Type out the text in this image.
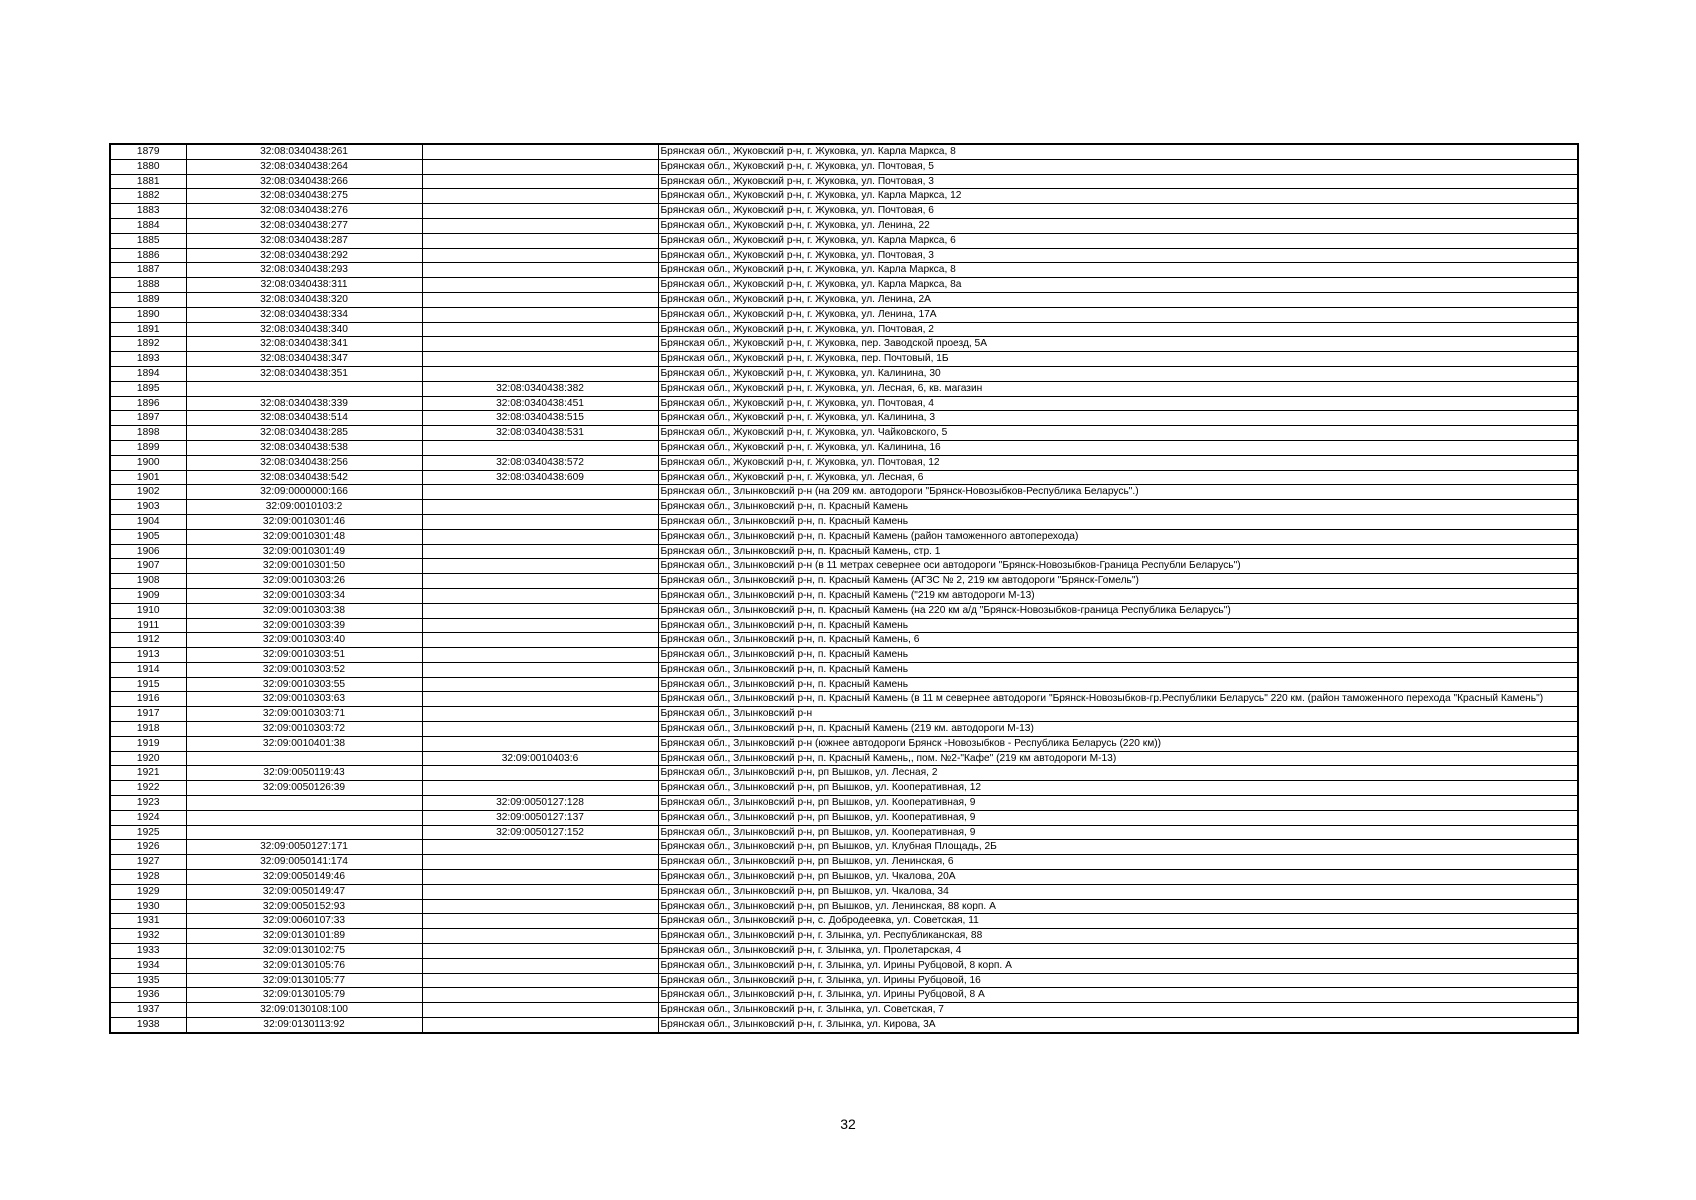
1879	32:08:0340438:261		Брянская обл., Жуковский р-н, г. Жуковка, ул. Карла Маркса, 8
1880	32:08:0340438:264		Брянская обл., Жуковский р-н, г. Жуковка, ул. Почтовая, 5
1881	32:08:0340438:266		Брянская обл., Жуковский р-н, г. Жуковка, ул. Почтовая, 3
1882	32:08:0340438:275		Брянская обл., Жуковский р-н, г. Жуковка, ул. Карла Маркса, 12
1883	32:08:0340438:276		Брянская обл., Жуковский р-н, г. Жуковка, ул. Почтовая, 6
1884	32:08:0340438:277		Брянская обл., Жуковский р-н, г. Жуковка, ул. Ленина, 22
1885	32:08:0340438:287		Брянская обл., Жуковский р-н, г. Жуковка, ул. Карла Маркса, 6
1886	32:08:0340438:292		Брянская обл., Жуковский р-н, г. Жуковка, ул. Почтовая, 3
1887	32:08:0340438:293		Брянская обл., Жуковский р-н, г. Жуковка, ул. Карла Маркса, 8
1888	32:08:0340438:311		Брянская обл., Жуковский р-н, г. Жуковка, ул. Карла Маркса, 8а
1889	32:08:0340438:320		Брянская обл., Жуковский р-н, г. Жуковка, ул. Ленина, 2А
1890	32:08:0340438:334		Брянская обл., Жуковский р-н, г. Жуковка, ул. Ленина, 17А
1891	32:08:0340438:340		Брянская обл., Жуковский р-н, г. Жуковка, ул. Почтовая, 2
1892	32:08:0340438:341		Брянская обл., Жуковский р-н, г. Жуковка, пер. Заводской проезд, 5А
1893	32:08:0340438:347		Брянская обл., Жуковский р-н, г. Жуковка, пер. Почтовый, 1Б
1894	32:08:0340438:351		Брянская обл., Жуковский р-н, г. Жуковка, ул. Калинина, 30
1895		32:08:0340438:382	Брянская обл., Жуковский р-н, г. Жуковка, ул. Лесная, 6, кв. магазин
1896	32:08:0340438:339	32:08:0340438:451	Брянская обл., Жуковский р-н, г. Жуковка, ул. Почтовая, 4
1897	32:08:0340438:514	32:08:0340438:515	Брянская обл., Жуковский р-н, г. Жуковка, ул. Калинина, 3
1898	32:08:0340438:285	32:08:0340438:531	Брянская обл., Жуковский р-н, г. Жуковка, ул. Чайковского, 5
1899	32:08:0340438:538		Брянская обл., Жуковский р-н, г. Жуковка, ул. Калинина, 16
1900	32:08:0340438:256	32:08:0340438:572	Брянская обл., Жуковский р-н, г. Жуковка, ул. Почтовая, 12
1901	32:08:0340438:542	32:08:0340438:609	Брянская обл., Жуковский р-н, г. Жуковка, ул. Лесная, 6
1902	32:09:0000000:166		Брянская обл., Злынковский р-н (на 209 км. автодороги "Брянск-Новозыбков-Республика Беларусь".)
1903	32:09:0010103:2		Брянская обл., Злынковский р-н, п. Красный Камень
1904	32:09:0010301:46		Брянская обл., Злынковский р-н, п. Красный Камень
1905	32:09:0010301:48		Брянская обл., Злынковский р-н, п. Красный Камень (район таможенного автоперехода)
1906	32:09:0010301:49		Брянская обл., Злынковский р-н, п. Красный Камень, стр. 1
1907	32:09:0010301:50		Брянская обл., Злынковский р-н (в 11 метрах севернее оси автодороги "Брянск-Новозыбков-Граница Республи Беларусь")
1908	32:09:0010303:26		Брянская обл., Злынковский р-н, п. Красный Камень (АГЗС № 2, 219 км автодороги "Брянск-Гомель")
1909	32:09:0010303:34		Брянская обл., Злынковский р-н, п. Красный Камень ("219 км автодороги М-13)
1910	32:09:0010303:38		Брянская обл., Злынковский р-н, п. Красный Камень (на 220 км а/д "Брянск-Новозыбков-граница Республика Беларусь")
1911	32:09:0010303:39		Брянская обл., Злынковский р-н, п. Красный Камень
1912	32:09:0010303:40		Брянская обл., Злынковский р-н, п. Красный Камень, 6
1913	32:09:0010303:51		Брянская обл., Злынковский р-н, п. Красный Камень
1914	32:09:0010303:52		Брянская обл., Злынковский р-н, п. Красный Камень
1915	32:09:0010303:55		Брянская обл., Злынковский р-н, п. Красный Камень
1916	32:09:0010303:63		Брянская обл., Злынковский р-н, п. Красный Камень (в 11 м севернее автодороги "Брянск-Новозыбков-гр.Республики Беларусь" 220 км. (район таможенного перехода "Красный Камень")
1917	32:09:0010303:71		Брянская обл., Злынковский р-н
1918	32:09:0010303:72		Брянская обл., Злынковский р-н, п. Красный Камень (219 км. автодороги М-13)
1919	32:09:0010401:38		Брянская обл., Злынковский р-н (южнее автодороги Брянск -Новозыбков - Республика Беларусь (220 км))
1920		32:09:0010403:6	Брянская обл., Злынковский р-н, п. Красный Камень,, пом. №2-"Кафе" (219 км автодороги М-13)
1921	32:09:0050119:43		Брянская обл., Злынковский р-н, рп Вышков, ул. Лесная, 2
1922	32:09:0050126:39		Брянская обл., Злынковский р-н, рп Вышков, ул. Кооперативная, 12
1923		32:09:0050127:128	Брянская обл., Злынковский р-н, рп Вышков, ул. Кооперативная, 9
1924		32:09:0050127:137	Брянская обл., Злынковский р-н, рп Вышков, ул. Кооперативная, 9
1925		32:09:0050127:152	Брянская обл., Злынковский р-н, рп Вышков, ул. Кооперативная, 9
1926	32:09:0050127:171		Брянская обл., Злынковский р-н, рп Вышков, ул. Клубная Площадь, 2Б
1927	32:09:0050141:174		Брянская обл., Злынковский р-н, рп Вышков, ул. Ленинская, 6
1928	32:09:0050149:46		Брянская обл., Злынковский р-н, рп Вышков, ул. Чкалова, 20А
1929	32:09:0050149:47		Брянская обл., Злынковский р-н, рп Вышков, ул. Чкалова, 34
1930	32:09:0050152:93		Брянская обл., Злынковский р-н, рп Вышков, ул. Ленинская, 88 корп. А
1931	32:09:0060107:33		Брянская обл., Злынковский р-н, с. Добродеевка, ул. Советская, 11
1932	32:09:0130101:89		Брянская обл., Злынковский р-н, г. Злынка, ул. Республиканская, 88
1933	32:09:0130102:75		Брянская обл., Злынковский р-н, г. Злынка, ул. Пролетарская, 4
1934	32:09:0130105:76		Брянская обл., Злынковский р-н, г. Злынка, ул. Ирины Рубцовой, 8 корп. А
1935	32:09:0130105:77		Брянская обл., Злынковский р-н, г. Злынка, ул. Ирины Рубцовой, 16
1936	32:09:0130105:79		Брянская обл., Злынковский р-н, г. Злынка, ул. Ирины Рубцовой, 8 А
1937	32:09:0130108:100		Брянская обл., Злынковский р-н, г. Злынка, ул. Советская, 7
1938	32:09:0130113:92		Брянская обл., Злынковский р-н, г. Злынка, ул. Кирова, 3А
32
